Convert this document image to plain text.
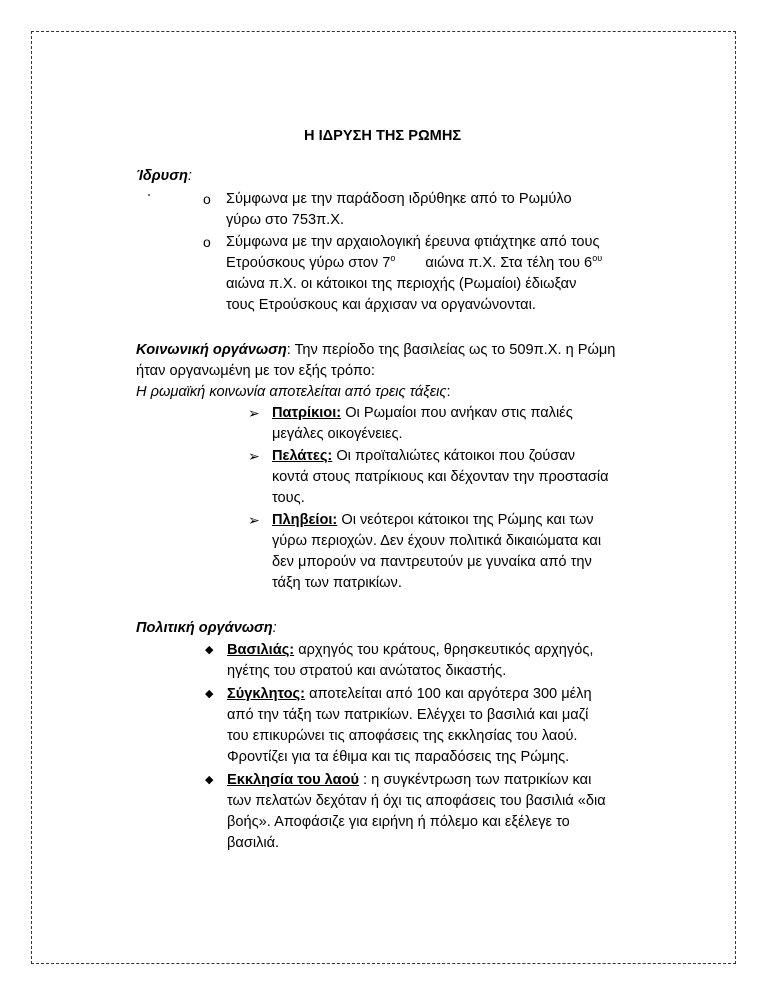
Η ΙΔΡΥΣΗ ΤΗΣ ΡΩΜΗΣ
Ίδρυση:
o Σύμφωνα με την παράδοση ιδρύθηκε από το Ρωμύλο
γύρω στο 753π.Χ.
o Σύμφωνα με την αρχαιολογική έρευνα φτιάχτηκε από τους
Ετρούσκους γύρω στον $7^o$ αιώνα π.Χ. Στα τέλη του $6^{o\upsilon}$
αιώνα π.Χ. οι κάτοικοι της περιοχής (Ρωμαίοι) έδιωξαν
τους Ετρούσκους και άρχισαν να οργανώνονται.
Κοινωνική οργάνωση: Την περίοδο της βασιλείας ως το 509π.Χ. η Ρώμη
ήταν οργανωμένη με τον εξής τρόπο:
Η ρωμαϊκή κοινωνία αποτελείται από τρεις τάξεις:
➢ Πατρίκιοι: Οι Ρωμαίοι που ανήκαν στις παλιές
μεγάλες οικογένειες.
➢ Πελάτες: Οι προϊταλιώτες κάτοικοι που ζούσαν
κοντά στους πατρίκιους και δέχονταν την προστασία
τους.
➢ Πληβείοι: Οι νεότεροι κάτοικοι της Ρώμης και των
γύρω περιοχών. Δεν έχουν πολιτικά δικαιώματα και
δεν μπορούν να παντρευτούν με γυναίκα από την
τάξη των πατρικίων.
Πολιτική οργάνωση:
◆ Βασιλιάς: αρχηγός του κράτους, θρησκευτικός αρχηγός,
ηγέτης του στρατού και ανώτατος δικαστής.
◆ Σύγκλητος: αποτελείται από 100 και αργότερα 300 μέλη
από την τάξη των πατρικίων. Ελέγχει το βασιλιά και μαζί
του επικυρώνει τις αποφάσεις της εκκλησίας του λαού.
Φροντίζει για τα έθιμα και τις παραδόσεις της Ρώμης.
◆ Εκκλησία του λαού : η συγκέντρωση των πατρικίων και
των πελατών δεχόταν ή όχι τις αποφάσεις του βασιλιά «δια
βοής». Αποφάσιζε για ειρήνη ή πόλεμο και εξέλεγε το
βασιλιά.
